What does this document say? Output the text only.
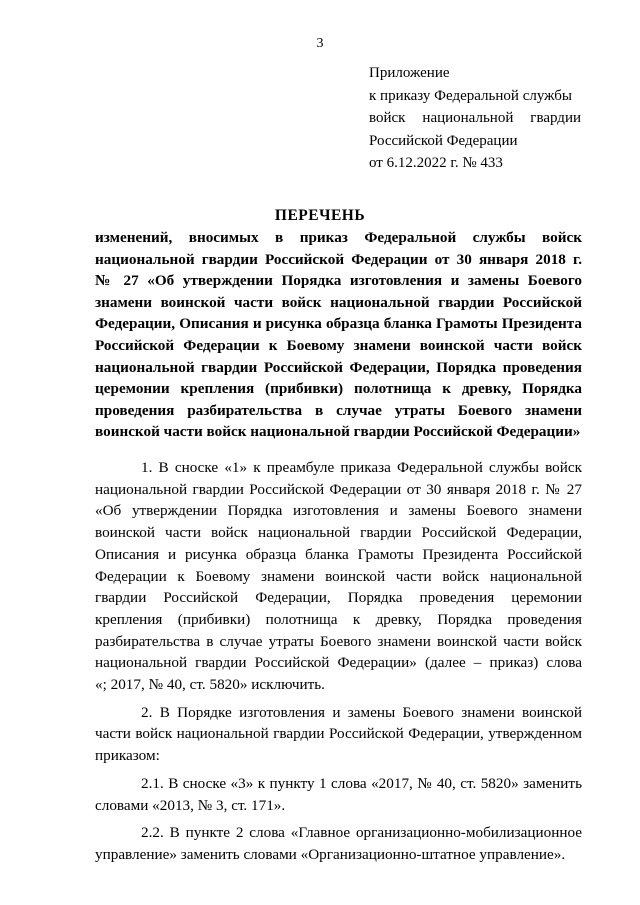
3
Приложение
к приказу Федеральной службы
войск национальной гвардии
Российской Федерации
от 6.12.2022 г. № 433
ПЕРЕЧЕНЬ
изменений, вносимых в приказ Федеральной службы войск
национальной гвардии Российской Федерации от 30 января 2018 г.
№ 27 «Об утверждении Порядка изготовления и замены Боевого
знамени воинской части войск национальной гвардии Российской
Федерации, Описания и рисунка образца бланка Грамоты Президента
Российской Федерации к Боевому знамени воинской части войск
национальной гвардии Российской Федерации, Порядка проведения
церемонии крепления (прибивки) полотнища к древку, Порядка
проведения разбирательства в случае утраты Боевого знамени
воинской части войск национальной гвардии Российской Федерации»
1. В сноске «1» к преамбуле приказа Федеральной службы войск
национальной гвардии Российской Федерации от 30 января 2018 г. № 27
«Об утверждении Порядка изготовления и замены Боевого знамени
воинской части войск национальной гвардии Российской Федерации,
Описания и рисунка образца бланка Грамоты Президента Российской
Федерации к Боевому знамени воинской части войск национальной
гвардии Российской Федерации, Порядка проведения церемонии
крепления (прибивки) полотнища к древку, Порядка проведения
разбирательства в случае утраты Боевого знамени воинской части войск
национальной гвардии Российской Федерации» (далее – приказ) слова
«; 2017, № 40, ст. 5820» исключить.
2. В Порядке изготовления и замены Боевого знамени воинской
части войск национальной гвардии Российской Федерации, утвержденном
приказом:
2.1. В сноске «3» к пункту 1 слова «2017, № 40, ст. 5820» заменить
словами «2013, № 3, ст. 171».
2.2. В пункте 2 слова «Главное организационно-мобилизационное
управление» заменить словами «Организационно-штатное управление».
